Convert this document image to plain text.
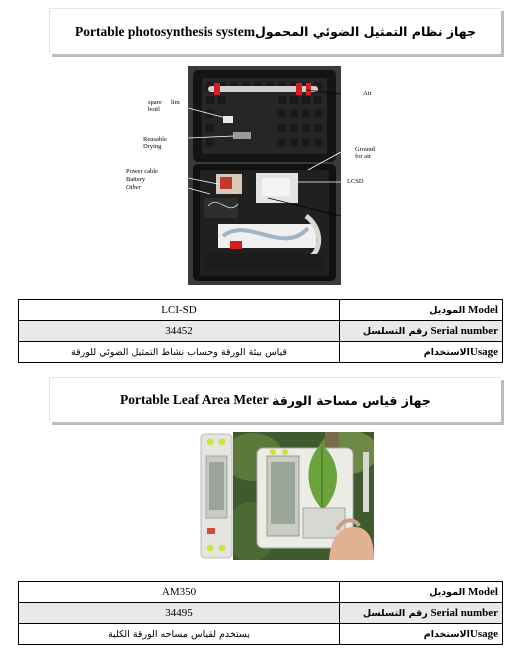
Portable photosynthesis system جهاز نظام التمثيل الضوئي المحمول
spare lim
bottl
Reusable
Drying
Power cable
Battery
Other
Air
Ground
for air
LCSD
LCI-SD	الموديل Model
34452	رقم التسلسل Serial number
قياس بيئة الورقة وحساب نشاط التمثيل الضوئي للورقة	الاستخدامUsage
Portable Leaf Area Meter
جهاز قياس مساحة الورقة
AM350	الموديل Model
34495	رقم التسلسل Serial number
يستخدم لقياس مساحه الورقة الكلية	الاستخدامUsage
